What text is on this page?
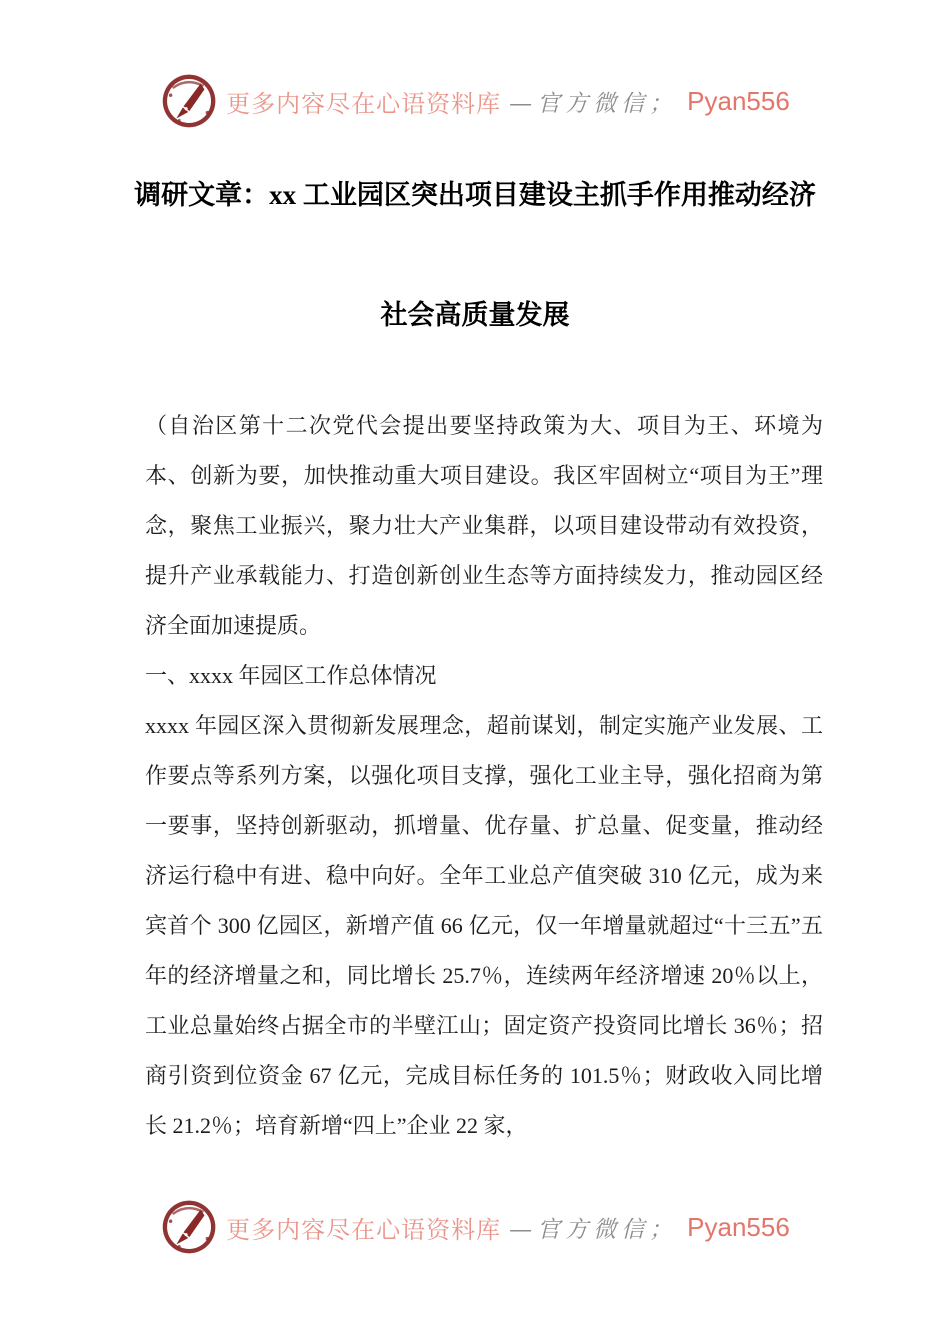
更多内容尽在心语资料库 —官方微信； Pyan556
调研文章：xx 工业园区突出项目建设主抓手作用推动经济
社会高质量发展

（自治区第十二次党代会提出要坚持政策为大、项目为王、环境为本、创新为要，加快推动重大项目建设。我区牢固树立“项目为王”理念，聚焦工业振兴，聚力壮大产业集群，以项目建设带动有效投资，提升产业承载能力、打造创新创业生态等方面持续发力，推动园区经济全面加速提质。

一、xxxx 年园区工作总体情况

xxxx 年园区深入贯彻新发展理念，超前谋划，制定实施产业发展、工作要点等系列方案，以强化项目支撑，强化工业主导，强化招商为第一要事，坚持创新驱动，抓增量、优存量、扩总量、促变量，推动经济运行稳中有进、稳中向好。全年工业总产值突破 310 亿元，成为来宾首个 300 亿园区，新增产值 66 亿元，仅一年增量就超过“十三五”五年的经济增量之和，同比增长 25.7％，连续两年经济增速 20％以上，工业总量始终占据全市的半壁江山；固定资产投资同比增长 36％；招商引资到位资金 67 亿元，完成目标任务的 101.5％；财政收入同比增长 21.2％；培育新增“四上”企业 22 家，

更多内容尽在心语资料库 —官方微信； Pyan556
